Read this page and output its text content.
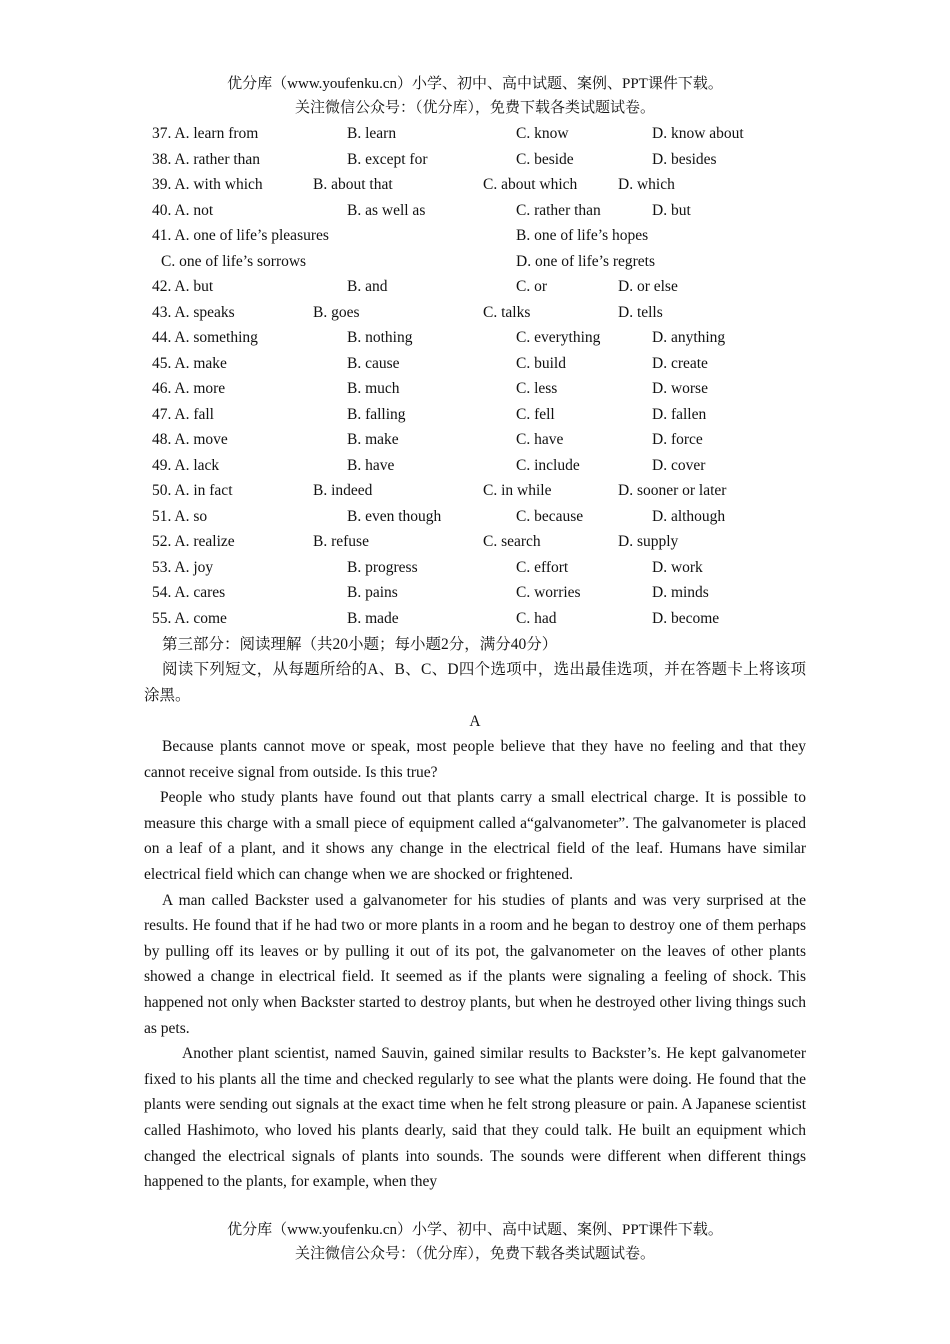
优分库（www.youfenku.cn）小学、初中、高中试题、案例、PPT课件下载。
关注微信公众号：（优分库），免费下载各类试题试卷。
37. A. learn from	B. learn	C. know	D. know about
38. A. rather than	B. except for	C. beside	D. besides
39. A. with which	B. about that	C. about which	D. which
40. A. not	B. as well as	C. rather than	D. but
41. A. one of life’s pleasures	B. one of life’s hopes
C. one of life’s sorrows	D. one of life’s regrets
42. A. but	B. and	C. or	D. or else
43. A. speaks	B. goes	C. talks	D. tells
44. A. something	B. nothing	C. everything	D. anything
45. A. make	B. cause	C. build	D. create
46. A. more	B. much	C. less	D. worse
47. A. fall	B. falling	C. fell	D. fallen
48. A. move	B. make	C. have	D. force
49. A. lack	B. have	C. include	D. cover
50. A. in fact	B. indeed	C. in while	D. sooner or later
51. A. so	B. even though	C. because	D. although
52. A. realize	B. refuse	C. search	D. supply
53. A. joy	B. progress	C. effort	D. work
54. A. cares	B. pains	C. worries	D. minds
55. A. come	B. made	C. had	D. become
第三部分：阅读理解（共20小题；每小题2分，满分40分）
阅读下列短文，从每题所给的A、B、C、D四个选项中，选出最佳选项，并在答题卡上将该项涂黑。
A

Because plants cannot move or speak, most people believe that they have no feeling and that they cannot receive signal from outside. Is this true?

People who study plants have found out that plants carry a small electrical charge. It is possible to measure this charge with a small piece of equipment called a“galvanometer”. The galvanometer is placed on a leaf of a plant, and it shows any change in the electrical field of the leaf. Humans have similar electrical field which can change when we are shocked or frightened.

A man called Backster used a galvanometer for his studies of plants and was very surprised at the results. He found that if he had two or more plants in a room and he began to destroy one of them perhaps by pulling off its leaves or by pulling it out of its pot, the galvanometer on the leaves of other plants showed a change in electrical field. It seemed as if the plants were signaling a feeling of shock. This happened not only when Backster started to destroy plants, but when he destroyed other living things such as pets.

Another plant scientist, named Sauvin, gained similar results to Backster’s. He kept galvanometer fixed to his plants all the time and checked regularly to see what the plants were doing. He found that the plants were sending out signals at the exact time when he felt strong pleasure or pain. A Japanese scientist called Hashimoto, who loved his plants dearly, said that they could talk. He built an equipment which changed the electrical signals of plants into sounds. The sounds were different when different things happened to the plants, for example, when they

优分库（www.youfenku.cn）小学、初中、高中试题、案例、PPT课件下载。
关注微信公众号：（优分库），免费下载各类试题试卷。
